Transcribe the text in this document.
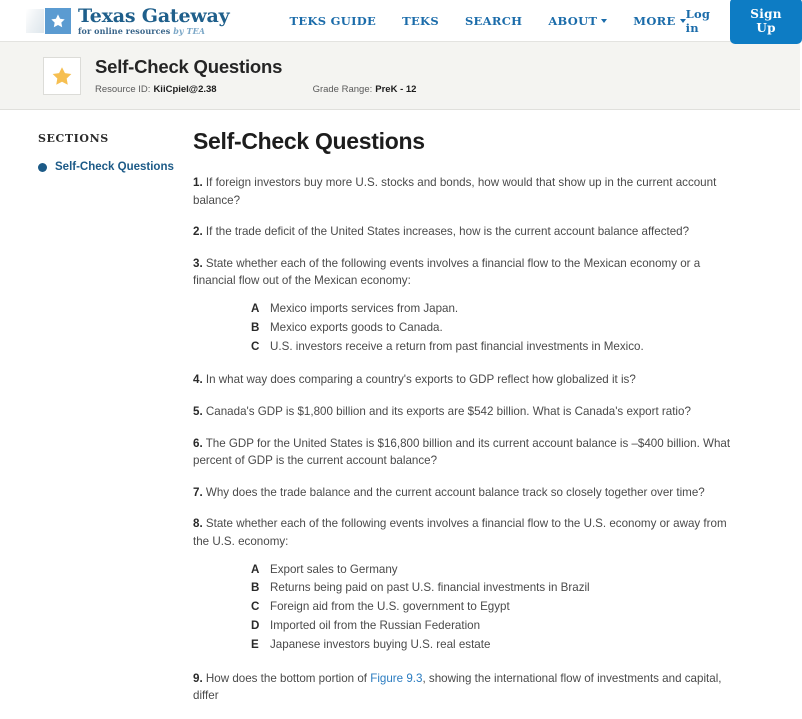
Texas Gateway
for online resources by TEA
TEKS GUIDE TEKS SEARCH ABOUT	MORE Log in
Sign Up
Self-Check Questions
Resource ID: KiiCpieI@2.38	Grade Range: PreK - 12
SECTIONS
Self-Check Questions
Self-Check Questions

1. If foreign investors buy more U.S. stocks and bonds, how would that show up in the current account balance?

2. If the trade deficit of the United States increases, how is the current account balance affected?

3. State whether each of the following events involves a financial flow to the Mexican economy or a financial flow out of the Mexican economy:

A Mexico imports services from Japan.
B Mexico exports goods to Canada.
C U.S. investors receive a return from past financial investments in Mexico.

4. In what way does comparing a country's exports to GDP reflect how globalized it is?

5. Canada's GDP is $1,800 billion and its exports are $542 billion. What is Canada's export ratio?

6. The GDP for the United States is $16,800 billion and its current account balance is –$400 billion. What percent of GDP is the current account balance?

7. Why does the trade balance and the current account balance track so closely together over time?

8. State whether each of the following events involves a financial flow to the U.S. economy or away from the U.S. economy:

A Export sales to Germany
B Returns being paid on past U.S. financial investments in Brazil
C Foreign aid from the U.S. government to Egypt
D Imported oil from the Russian Federation
E Japanese investors buying U.S. real estate

9. How does the bottom portion of Figure 9.3, showing the international flow of investments and capital, differ
